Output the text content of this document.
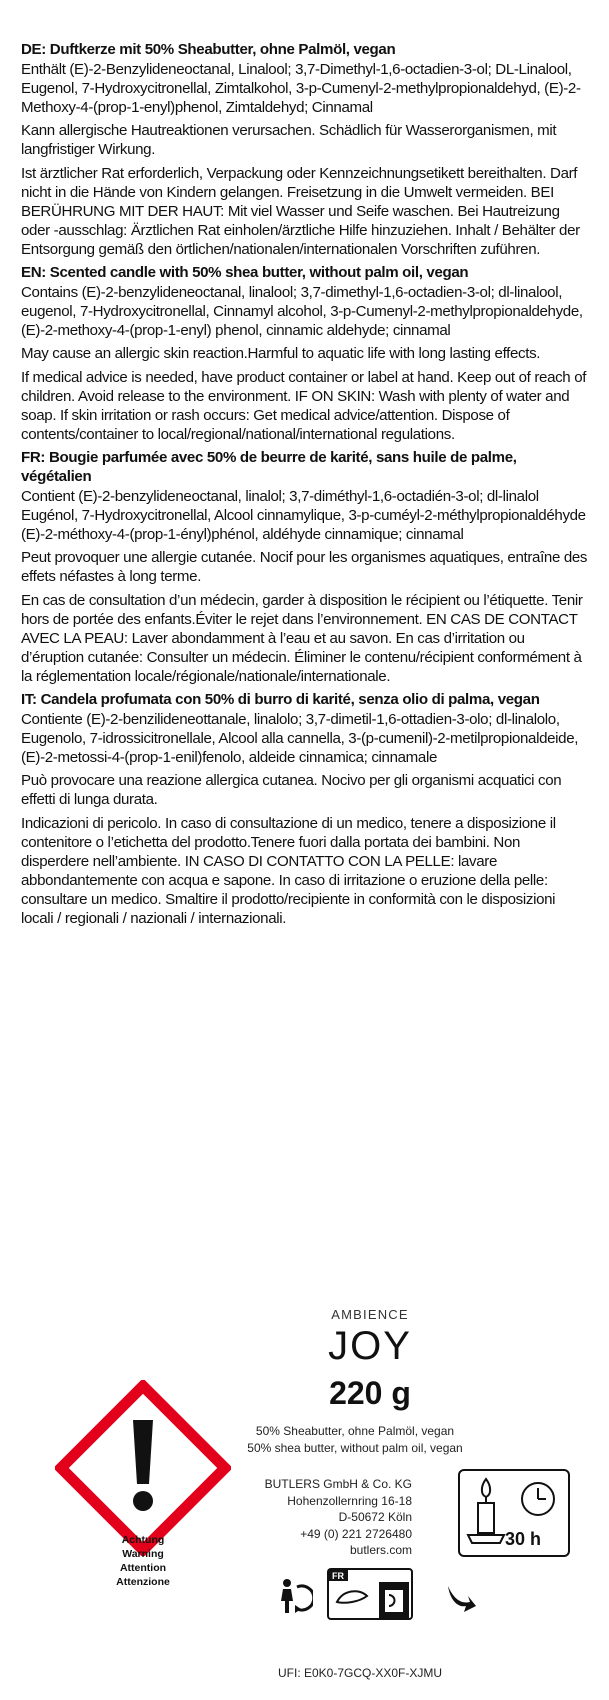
DE: Duftkerze mit 50% Sheabutter, ohne Palmöl, vegan

Enthält (E)-2-Benzylideneoctanal, Linalool; 3,7-Dimethyl-1,6-octadien-3-ol; DL-Linalool, Eugenol, 7-Hydroxycitronellal, Zimtalkohol, 3-p-Cumenyl-2-methylpropionaldehyd, (E)-2-Methoxy-4-(prop-1-enyl)phenol, Zimtaldehyd; Cinnamal

Kann allergische Hautreaktionen verursachen. Schädlich für Wasserorganismen, mit langfristiger Wirkung.

Ist ärztlicher Rat erforderlich, Verpackung oder Kennzeichnungsetikett bereithalten. Darf nicht in die Hände von Kindern gelangen. Freisetzung in die Umwelt vermeiden. BEI BERÜHRUNG MIT DER HAUT: Mit viel Wasser und Seife waschen. Bei Hautreizung oder -ausschlag: Ärztlichen Rat einholen/ärztliche Hilfe hinzuziehen. Inhalt / Behälter der Entsorgung gemäß den örtlichen/nationalen/internationalen Vorschriften zuführen.

EN: Scented candle with 50% shea butter, without palm oil, vegan

Contains (E)-2-benzylideneoctanal, linalool; 3,7-dimethyl-1,6-octadien-3-ol; dl-linalool, eugenol, 7-Hydroxycitronellal, Cinnamyl alcohol, 3-p-Cumenyl-2-methylpropionaldehyde, (E)-2-methoxy-4-(prop-1-enyl) phenol, cinnamic aldehyde; cinnamal

May cause an allergic skin reaction.Harmful to aquatic life with long lasting effects.

If medical advice is needed, have product container or label at hand. Keep out of reach of children. Avoid release to the environment. IF ON SKIN: Wash with plenty of water and soap. If skin irritation or rash occurs: Get medical advice/attention. Dispose of contents/container to local/regional/national/international regulations.

FR: Bougie parfumée avec 50% de beurre de karité, sans huile de palme, végétalien

Contient (E)-2-benzylideneoctanal, linalol; 3,7-diméthyl-1,6-octadién-3-ol; dl-linalol Eugénol, 7-Hydroxycitronellal, Alcool cinnamylique, 3-p-cuméyl-2-méthylpropionaldéhyde (E)-2-méthoxy-4-(prop-1-ényl)phénol, aldéhyde cinnamique; cinnamal

Peut provoquer une allergie cutanée. Nocif pour les organismes aquatiques, entraîne des effets néfastes à long terme.

En cas de consultation d’un médecin, garder à disposition le récipient ou l’étiquette. Tenir hors de portée des enfants.Éviter le rejet dans l’environnement. EN CAS DE CONTACT AVEC LA PEAU: Laver abondamment à l’eau et au savon. En cas d’irritation ou d’éruption cutanée: Consulter un médecin. Éliminer le contenu/récipient conformément à la réglementation locale/régionale/nationale/internationale.

IT: Candela profumata con 50% di burro di karité, senza olio di palma, vegan

Contiente (E)-2-benzilideneottanale, linalolo; 3,7-dimetil-1,6-ottadien-3-olo; dl-linalolo, Eugenolo, 7-idrossicitronellale, Alcool alla cannella, 3-(p-cumenil)-2-metilpropionaldeide, (E)-2-metossi-4-(prop-1-enil)fenolo, aldeide cinnamica; cinnamale

Può provocare una reazione allergica cutanea. Nocivo per gli organismi acquatici con effetti di lunga durata.

Indicazioni di pericolo. In caso di consultazione di un medico, tenere a disposizione il contenitore o l’etichetta del prodotto.Tenere fuori dalla portata dei bambini. Non disperdere nell’ambiente. IN CASO DI CONTATTO CON LA PELLE: lavare abbondantemente con acqua e sapone. In caso di irritazione o eruzione della pelle: consultare un medico. Smaltire il prodotto/recipiente in conformità con le disposizioni locali / regionali / nazionali / internazionali.

AMBIENCE
JOY
220 g
50% Sheabutter, ohne Palmöl, vegan
50% shea butter, without palm oil, vegan
BUTLERS GmbH & Co. KG
Hohenzollernring 16-18
D-50672 Köln
+49 (0) 221 2726480
butlers.com
Achtung
Warning
Attention
Attenzione
30 h
FR
UFI: E0K0-7GCQ-XX0F-XJMU
